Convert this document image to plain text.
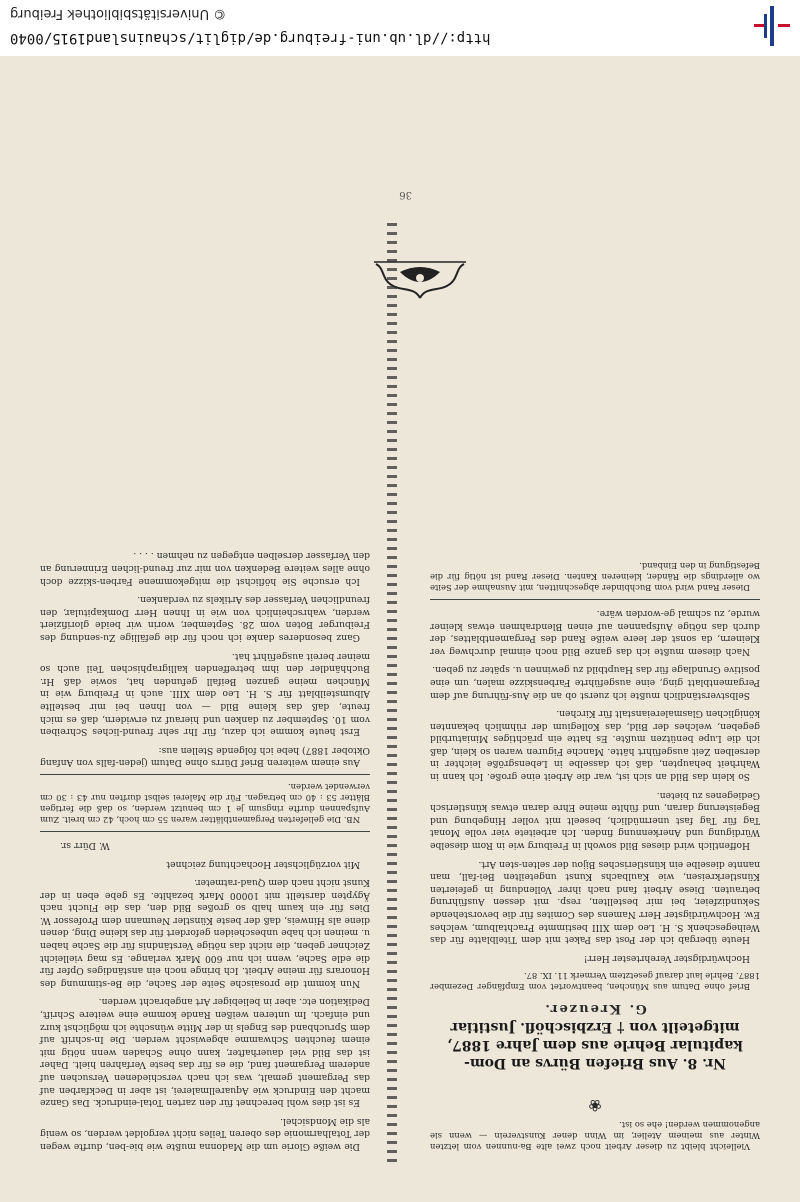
© Universitätsbibliothek Freiburg
http://dl.ub.uni-freiburg.de/diglit/schauinsland1915/0040
36

Vielleicht bleibt zu dieser Arbeit noch zwei alte Ba-nunnen vom letzten Winter aus meinem Atelier, im Winn dener Kunstverein — wenn sie angenommen werden! ehe so ist.

❀
Nr. 8. Aus Briefen Bürvs an Dom-kapitular Behrle aus dem Jahre 1887, mitgeteilt von † Erzbischöfl. Justitiar
G. Kreuzer.

Brief ohne Datum aus München, beantwortet vom Empfänger Dezember 1887. Behrle laut darauf gesetztem Vermerk 11. IX. 87.

Hochwürdigster Verehrtester Herr!

Heute übergab ich der Post das Paket mit dem Titelblatte für das Weihegeschenk S. H. Leo dem XIII bestimmte Prachtalbum, welches Ew. Hochwürdigster Herr Namens des Comites für die bevorstehende Sekundizfeier, bei mir bestellten, resp. mit dessen Ausführung betrauten. Diese Arbeit fand nach ihrer Vollendung in gefeierten Künstlerkreisen, wie Kaulbachs Kunst ungeteilten Bei-fall, man nannte dieselbe ein künstlerisches Bijou der selten-sten Art.

Hoffentlich wird dieses Bild sowohl in Freiburg wie in Rom dieselbe Würdigung und Anerkennung finden. Ich arbeitete vier volle Monat Tag für Tag fast unermüdlich, beseelt mit voller Hingebung und Begeisterung daran, und fühlte meine Ehre daran etwas künstlerisch Gediegenes zu bieten.

So klein das Bild an sich ist, war die Arbeit eine große. Ich kann in Wahrheit behaupten, daß ich dasselbe in Lebensgröße leichter in derselben Zeit ausgeführt hätte. Manche Figuren waren so klein, daß ich die Lupe benützen mußte. Es hatte ein prächtiges Miniaturbild gegeben, welches der Bild, das Kollegium der rühmlich bekannten königlichen Glasmalereianstalt für Kirchen.

Selbstverständlich mußte ich zuerst ob an die Aus-führung auf dem Pergamentblatt ging, eine ausgeführte Farbenskizze malen, um eine positive Grundlage für das Hauptbild zu gewinnen u. später zu geben.

Nach diesem mußte ich das ganze Bild noch einmal durchweg ver Kleinern, da sonst der leere weiße Rand des Pergamentblattes, der durch das nötige Aufspannen auf einen Blendrahmen etwas kleiner wurde, zu schmal ge-worden wäre.

Dieser Rand wird vom Buchbinder abgeschnitten, mit Ausnahme der Seite wo allerdings die Ränder, kleineren Kanten. Dieser Rand ist nötig für die Befestigung in den Einband.

Die weiße Glorie um die Madonna mußte wie bie-ben, durfte wegen der Totalharmonie des oberen Teiles nicht vergoldet werden, so wenig als die Mondsichel.

Es ist dies wohl berechnet für den zarten Total-eindruck. Das Ganze macht den Eindruck wie Aquarellmalerei, ist aber in Deckfarben auf das Pergament gemalt, was ich nach verschiedenen Versuchen auf anderem Pergament fand, die es für das beste Verfahren hielt. Daher ist das Bild viel dauerhafter, kann ohne Schaden wenn nötig mit einem feuchten Schwamme abgewischt werden. Die In-schrift auf dem Spruchband des Engels in der Mitte wünschte ich möglichst kurz und einfach. Im unteren weißen Rande komme eine weitere Schrift, Dedikation etc. aber in beliebiger Art angebracht werden.

Nun kommt die prosaische Seite der Sache, die Be-stimmung des Honorars für meine Arbeit. Ich bringe noch ein anständiges Opfer für die edle Sache, wenn ich nur 600 Mark verlange. Es mag vielleicht Zeichner geben, die nicht das nötige Verständnis für die Sache haben u. meinen ich habe unbescheiden gefordert für das kleine Ding, denen diene als Hinweis, daß der beste Künstler Neumann dem Professor W. Dies für ein kaum halb so großes Bild den, das die Flucht nach Ägypten darstellt mit 10000 Mark bezahlte. Es gebe eben in der Kunst nicht nach dem Quad-ratmeter.

Mit vorzüglichster Hochachtung zeichnet

W. Dürr sr.

NB. Die gelieferten Pergamentblätter waren 55 cm hoch, 42 cm breit. Zum Aufspannen durfte ringsum je 1 cm benutzt werden, so daß die fertigen Blätter 53 : 40 cm betragen. Für die Malerei selbst durften nur 43 : 30 cm verwendet werden.

Aus einem weiteren Brief Dürrs ohne Datum (jeden-falls von Anfang Oktober 1887) hebe ich folgende Stellen aus:

Erst heute komme ich dazu, für Ihr sehr freund-liches Schreiben vom 10. September zu danken und hierauf zu erwidern, daß es mich freute, daß das kleine Bild — von Ihnen bei mir bestellte Albumsteilblatt für S. H. Leo dem XIII. auch in Freiburg wie in München meine ganzen Beifall gefunden hat, sowie daß Hr. Buchhändler den ihm betreffenden kalligraphischen Teil auch so meiner bereit ausgeführt hat.

Ganz besonderes danke ich noch für die gefällige Zu-sendung des Freiburger Boten vom 28. September, worin wir beide glorifiziert werden, wahrscheinlich von wie in Ihnen Herr Domkapitular, den freundlichen Verfasser des Artikels zu verdanken.

Ich ersuche Sie höflichst die mitgekommene Farben-skizze doch ohne alles weitere Bedenken von mir zur freund-lichen Erinnerung an den Verfasser derselben entgegen zu nehmen . . . .
